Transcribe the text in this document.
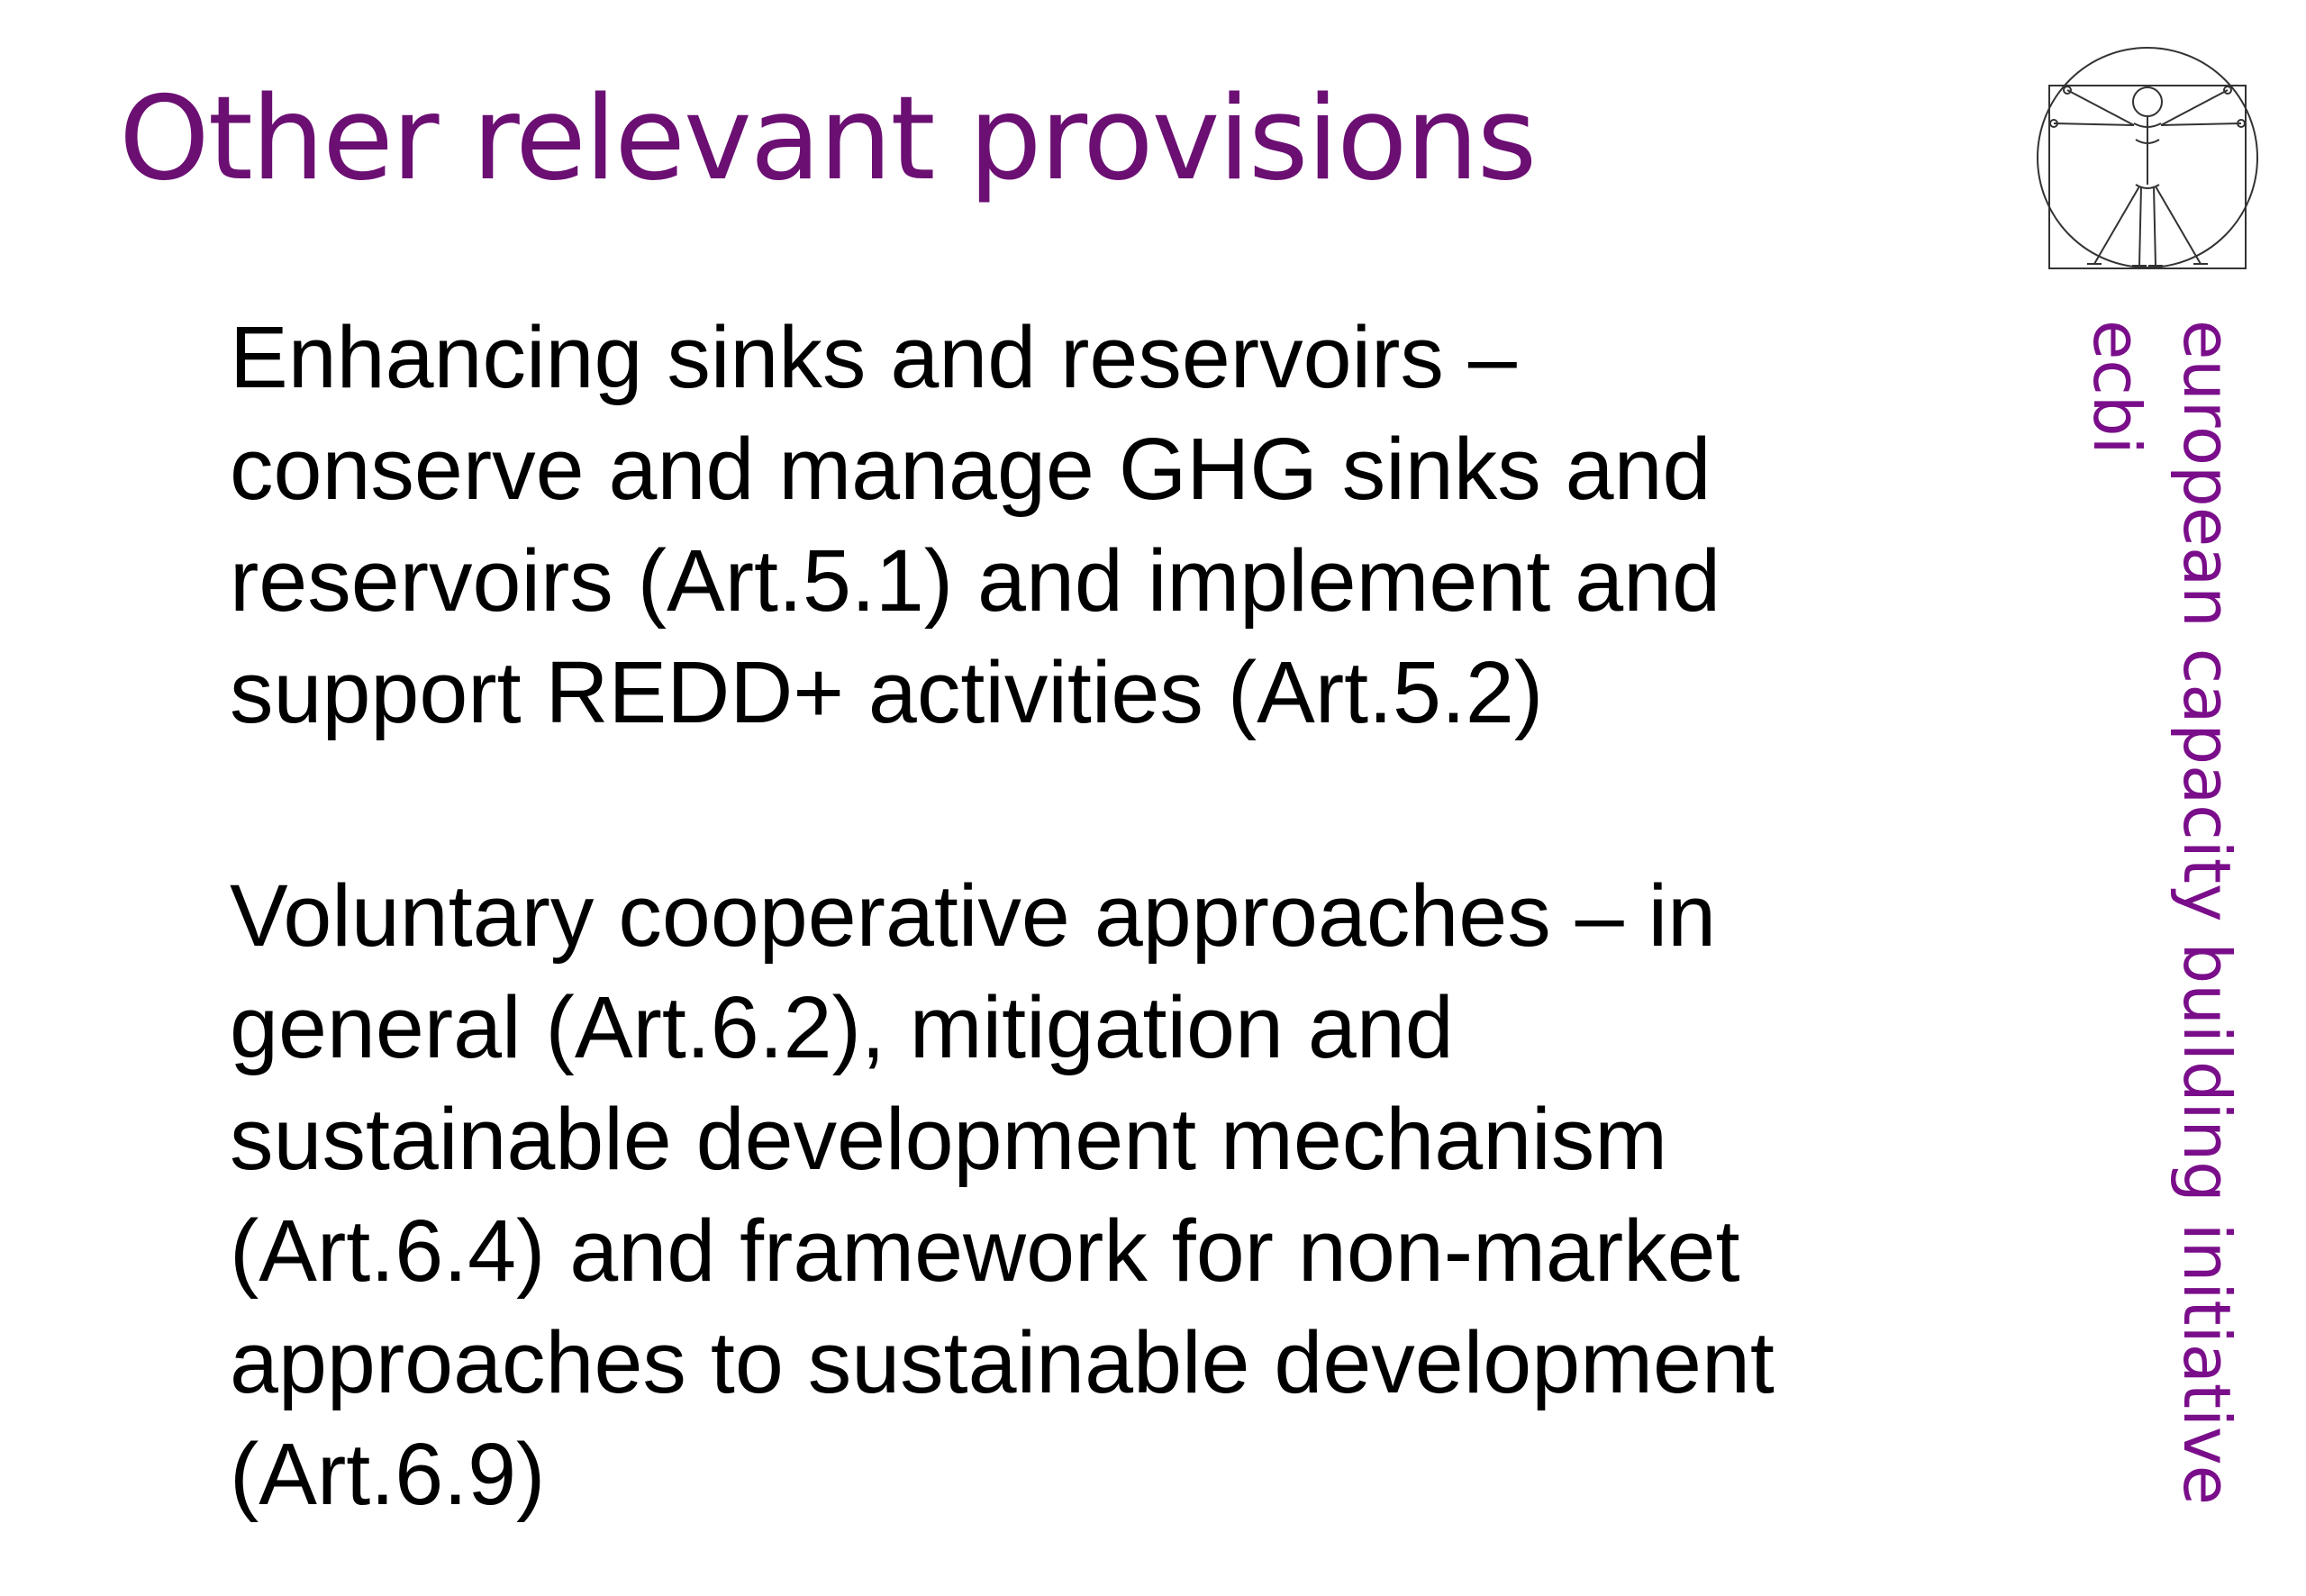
Other relevant provisions

Enhancing sinks and reservoirs –
conserve and manage GHG sinks and
reservoirs (Art.5.1) and implement and
support REDD+ activities (Art.5.2)

Voluntary cooperative approaches – in
general (Art.6.2), mitigation and
sustainable development mechanism
(Art.6.4) and framework for non-market
approaches to sustainable development
(Art.6.9)	european capacity building initiative
ecbi
